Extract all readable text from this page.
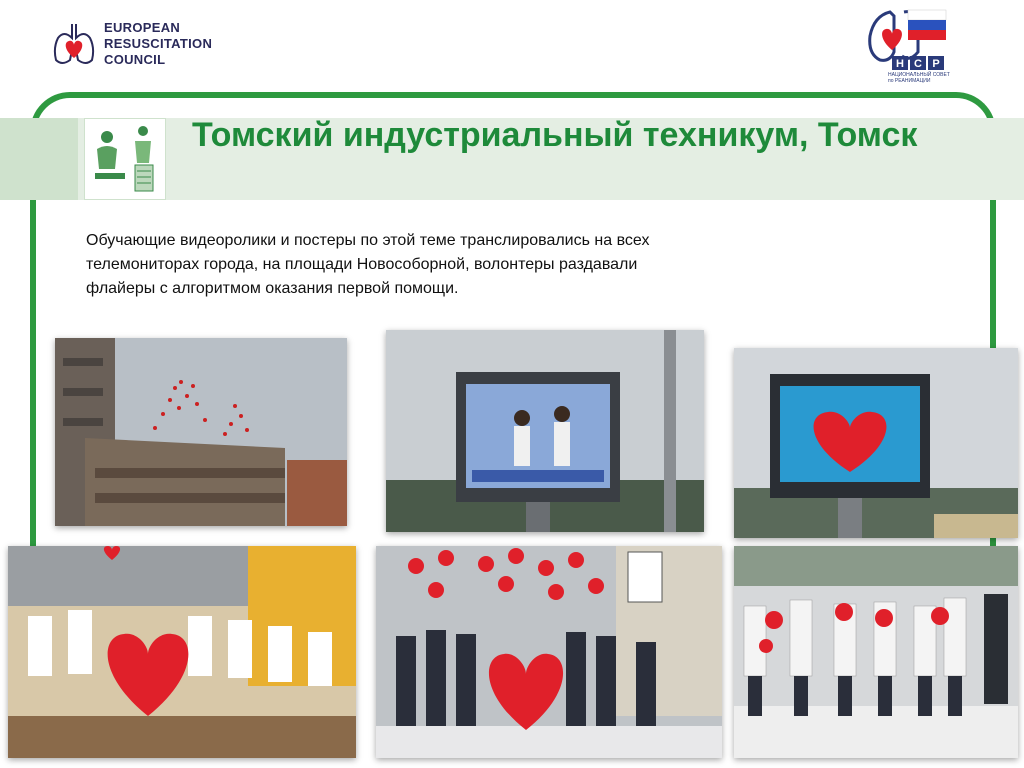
EUROPEAN
RESUSCITATION
COUNCIL	Н С Р
НАЦИОНАЛЬНЫЙ СОВЕТ по РЕАНИМАЦИИ
Томский индустриальный техникум, Томск

Обучающие видеоролики и постеры по этой теме транслировались на всех телемониторах города, на площади Новособорной, волонтеры раздавали флайеры с алгоритмом оказания первой помощи.
